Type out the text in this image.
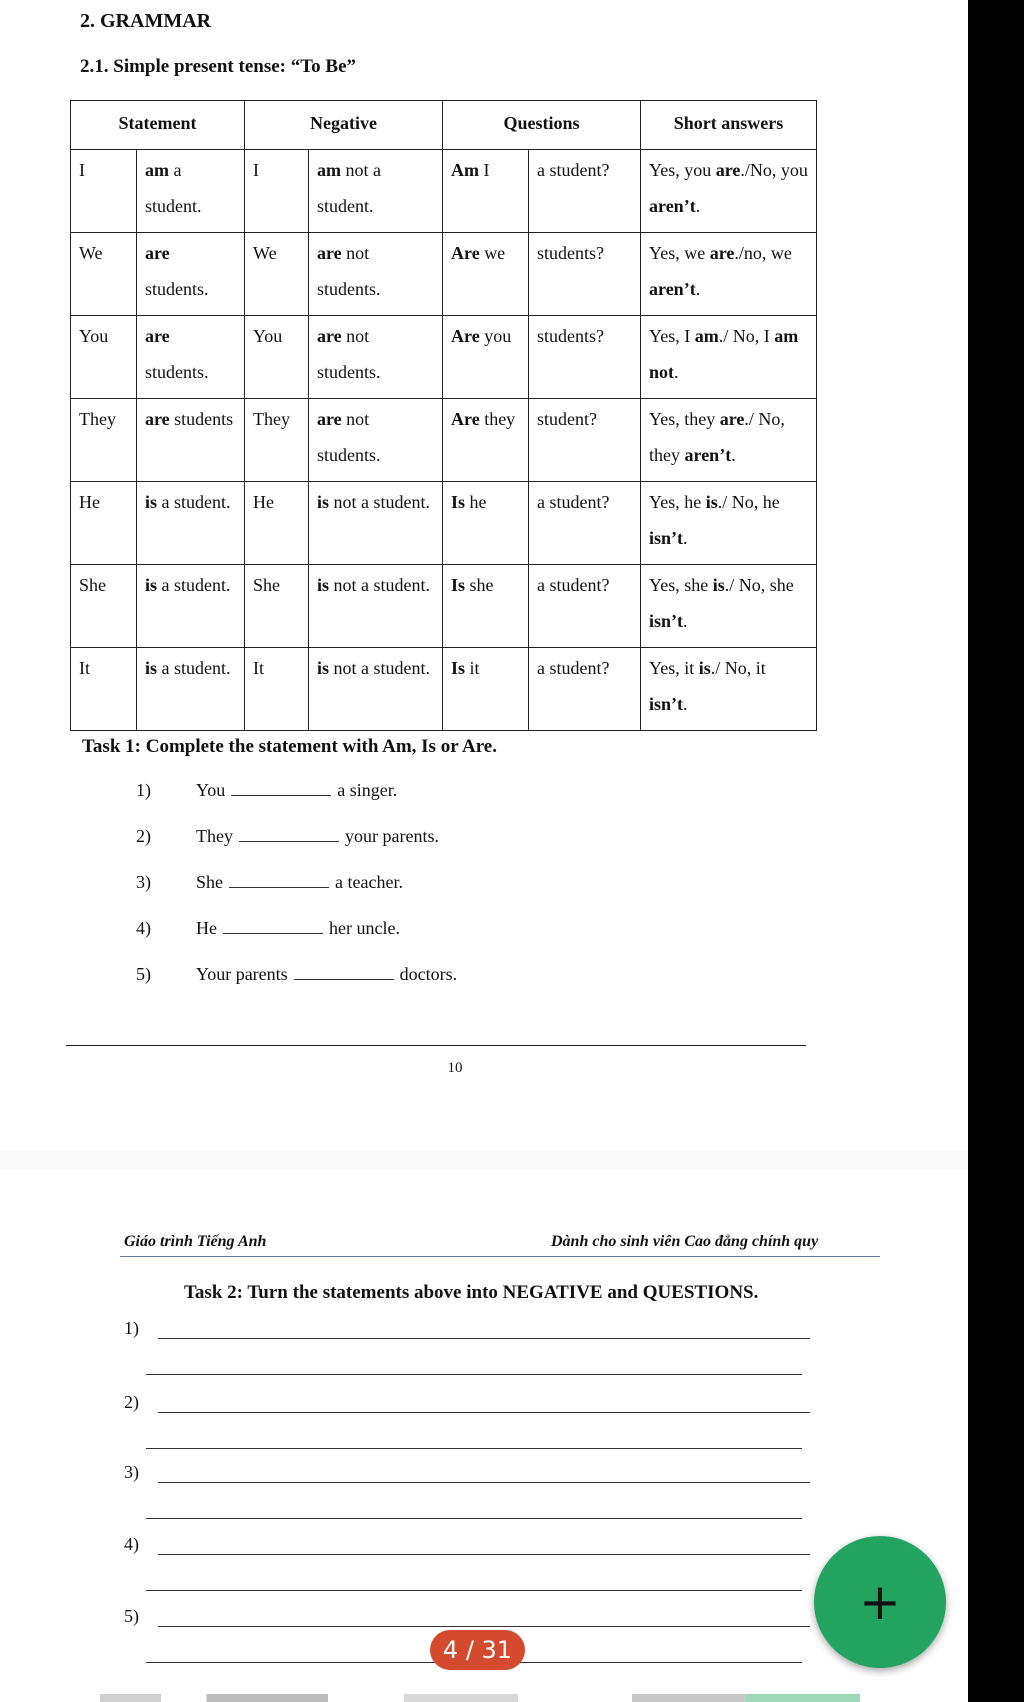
2. GRAMMAR
2.1. Simple present tense: “To Be”
Statement		Negative		Questions		Short answers
I	am a student.	I	am not a student.	Am I	a student?	Yes, you are./No, you aren’t.
We	are students.	We	are not students.	Are we	students?	Yes, we are./no, we aren’t.
You	are students.	You	are not students.	Are you	students?	Yes, I am./ No, I am not.
They	are students	They	are not students.	Are they	student?	Yes, they are./ No, they aren’t.
He	is a student.	He	is not a student.	Is he	a student?	Yes, he is./ No, he isn’t.
She	is a student.	She	is not a student.	Is she	a student?	Yes, she is./ No, she isn’t.
It	is a student.	It	is not a student.	Is it	a student?	Yes, it is./ No, it isn’t.
Task 1: Complete the statement with Am, Is or Are.
1)	You	a singer.
2)	They	your parents.
3)	She	a teacher.
4)	He	her uncle.
5)	Your parents	doctors.
10
Giáo trình Tiếng Anh	Dành cho sinh viên Cao đẳng chính quy
Task 2: Turn the statements above into NEGATIVE and QUESTIONS.
1)
2)
3)
4)
5)	+
4 / 31
